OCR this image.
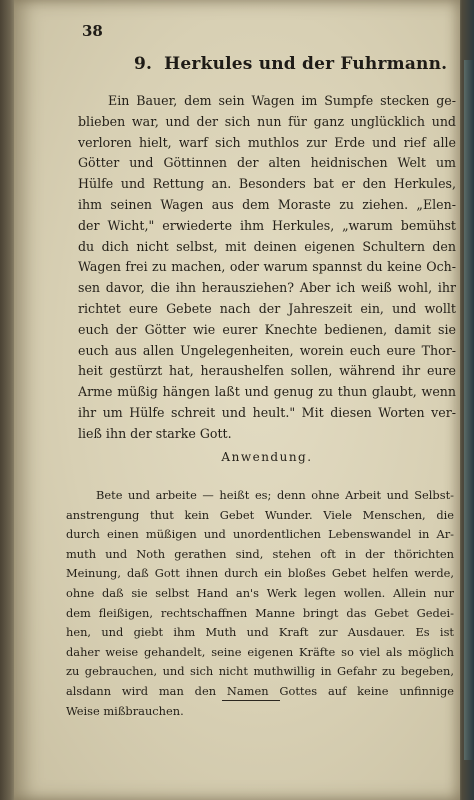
38
9. Herkules und der Fuhrmann.
Ein Bauer, dem sein Wagen im Sumpfe stecken ge-
blieben war, und der sich nun für ganz unglücklich und
verloren hielt, warf sich muthlos zur Erde und rief alle
Götter und Göttinnen der alten heidnischen Welt um
Hülfe und Rettung an. Besonders bat er den Herkules,
ihm seinen Wagen aus dem Moraste zu ziehen. „Elen-
der Wicht," erwiederte ihm Herkules, „warum bemühst
du dich nicht selbst, mit deinen eigenen Schultern den
Wagen frei zu machen, oder warum spannst du keine Och-
sen davor, die ihn herausziehen? Aber ich weiß wohl, ihr
richtet eure Gebete nach der Jahreszeit ein, und wollt
euch der Götter wie eurer Knechte bedienen, damit sie
euch aus allen Ungelegenheiten, worein euch eure Thor-
heit gestürzt hat, heraushelfen sollen, während ihr eure
Arme müßig hängen laßt und genug zu thun glaubt, wenn
ihr um Hülfe schreit und heult." Mit diesen Worten ver-
ließ ihn der starke Gott.
Anwendung.
Bete und arbeite — heißt es; denn ohne Arbeit und Selbst-
anstrengung thut kein Gebet Wunder. Viele Menschen, die
durch einen müßigen und unordentlichen Lebenswandel in Ar-
muth und Noth gerathen sind, stehen oft in der thörichten
Meinung, daß Gott ihnen durch ein bloßes Gebet helfen werde,
ohne daß sie selbst Hand an's Werk legen wollen. Allein nur
dem fleißigen, rechtschaffnen Manne bringt das Gebet Gedei-
hen, und giebt ihm Muth und Kraft zur Ausdauer. Es ist
daher weise gehandelt, seine eigenen Kräfte so viel als möglich
zu gebrauchen, und sich nicht muthwillig in Gefahr zu begeben,
alsdann wird man den Namen Gottes auf keine unfinnige
Weise mißbrauchen.
